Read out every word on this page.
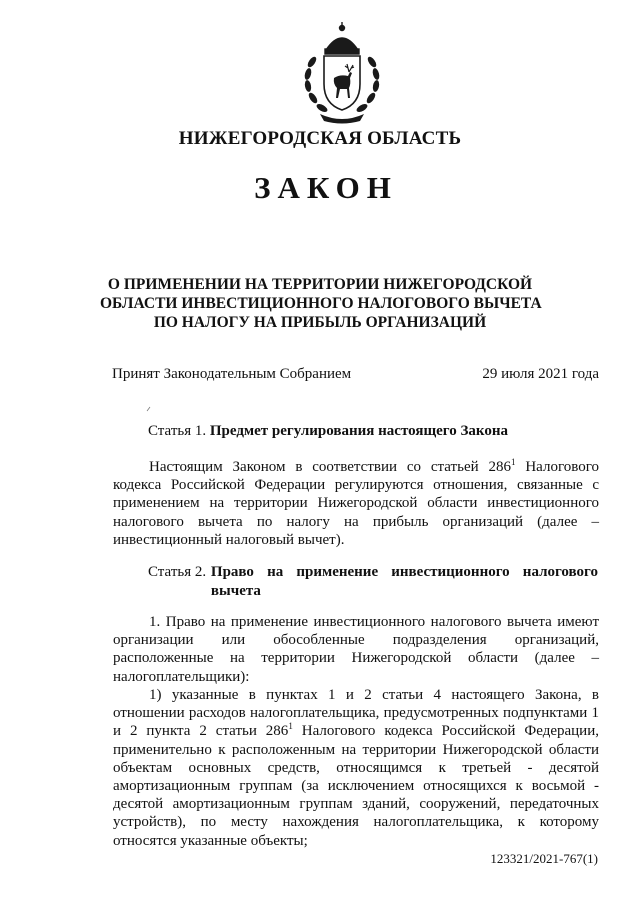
НИЖЕГОРОДСКАЯ ОБЛАСТЬ
ЗАКОН
О ПРИМЕНЕНИИ НА ТЕРРИТОРИИ НИЖЕГОРОДСКОЙ
ОБЛАСТИ ИНВЕСТИЦИОННОГО НАЛОГОВОГО ВЫЧЕТА
ПО НАЛОГУ НА ПРИБЫЛЬ ОРГАНИЗАЦИЙ
Принят Законодательным Собранием	29 июля 2021 года
Статья 1. Предмет регулирования настоящего Закона
Настоящим Законом в соответствии со статьей $286^1$ Налогового кодекса Российской Федерации регулируются отношения, связанные с применением на территории Нижегородской области инвестиционного налогового вычета по налогу на прибыль организаций (далее – инвестиционный налоговый вычет).
Статья 2. Право на применение инвестиционного налогового вычета
1. Право на применение инвестиционного налогового вычета имеют организации или обособленные подразделения организаций, расположенные на территории Нижегородской области (далее – налогоплательщики):
1) указанные в пунктах 1 и 2 статьи 4 настоящего Закона, в отношении расходов налогоплательщика, предусмотренных подпунктами 1 и 2 пункта 2 статьи $286^1$ Налогового кодекса Российской Федерации, применительно к расположенным на территории Нижегородской области объектам основных средств, относящимся к третьей - десятой амортизационным группам (за исключением относящихся к восьмой - десятой амортизационным группам зданий, сооружений, передаточных устройств), по месту нахождения налогоплательщика, к которому относятся указанные объекты;
123321/2021-767(1)
